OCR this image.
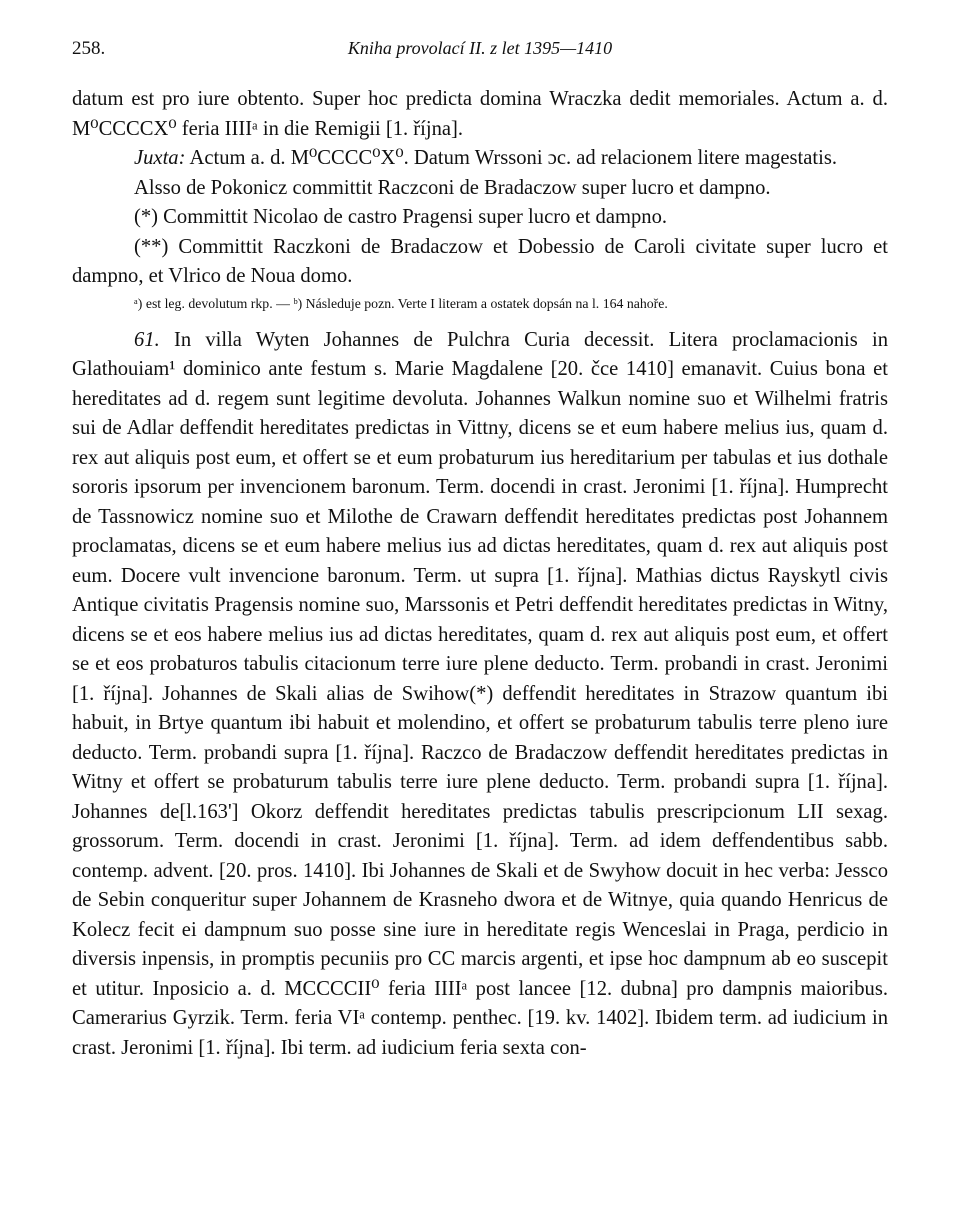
258.	Kniha provolací II. z let 1395—1410

datum est pro iure obtento. Super hoc predicta domina Wraczka dedit memoriales. Actum a. d. M⁰CCCCX⁰ feria IIIIᵃ in die Remigii [1. října].

Juxta: Actum a. d. M⁰CCCC⁰X⁰. Datum Wrssoni ɔc. ad relacionem litere magestatis.

Alsso de Pokonicz committit Raczconi de Bradaczow super lucro et dampno.

(*) Committit Nicolao de castro Pragensi super lucro et dampno.

(**) Committit Raczkoni de Bradaczow et Dobessio de Caroli civitate super lucro et dampno, et Vlrico de Noua domo.

ᵃ) est leg. devolutum rkp. — ᵇ) Následuje pozn. Verte I literam a ostatek dopsán na l. 164 nahoře.

61. In villa Wyten Johannes de Pulchra Curia decessit. Litera proclamacionis in Glathouiam¹ dominico ante festum s. Marie Magdalene [20. čce 1410] emanavit. Cuius bona et hereditates ad d. regem sunt legitime devoluta. Johannes Walkun nomine suo et Wilhelmi fratris sui de Adlar deffendit hereditates predictas in Vittny, dicens se et eum habere melius ius, quam d. rex aut aliquis post eum, et offert se et eum probaturum ius hereditarium per tabulas et ius dothale sororis ipsorum per invencionem baronum. Term. docendi in crast. Jeronimi [1. října]. Humprecht de Tassnowicz nomine suo et Milothe de Crawarn deffendit hereditates predictas post Johannem proclamatas, dicens se et eum habere melius ius ad dictas hereditates, quam d. rex aut aliquis post eum. Docere vult invencione baronum. Term. ut supra [1. října]. Mathias dictus Rayskytl civis Antique civitatis Pragensis nomine suo, Marssonis et Petri deffendit hereditates predictas in Witny, dicens se et eos habere melius ius ad dictas hereditates, quam d. rex aut aliquis post eum, et offert se et eos probaturos tabulis citacionum terre iure plene deducto. Term. probandi in crast. Jeronimi [1. října]. Johannes de Skali alias de Swihow(*) deffendit hereditates in Strazow quantum ibi habuit, in Brtye quantum ibi habuit et molendino, et offert se probaturum tabulis terre pleno iure deducto. Term. probandi supra [1. října]. Raczco de Bradaczow deffendit hereditates predictas in Witny et offert se probaturum tabulis terre iure plene deducto. Term. probandi supra [1. října]. Johannes de[l.163'] Okorz deffendit hereditates predictas tabulis prescripcionum LII sexag. grossorum. Term. docendi in crast. Jeronimi [1. října]. Term. ad idem deffendentibus sabb. contemp. advent. [20. pros. 1410]. Ibi Johannes de Skali et de Swyhow docuit in hec verba: Jessco de Sebin conqueritur super Johannem de Krasneho dwora et de Witnye, quia quando Henricus de Kolecz fecit ei dampnum suo posse sine iure in hereditate regis Wenceslai in Praga, perdicio in diversis inpensis, in promptis pecuniis pro CC marcis argenti, et ipse hoc dampnum ab eo suscepit et utitur. Inposicio a. d. MCCCCII⁰ feria IIIIᵃ post lancee [12. dubna] pro dampnis maioribus. Camerarius Gyrzik. Term. feria VIᵃ contemp. penthec. [19. kv. 1402]. Ibidem term. ad iudicium in crast. Jeronimi [1. října]. Ibi term. ad iudicium feria sexta con-
